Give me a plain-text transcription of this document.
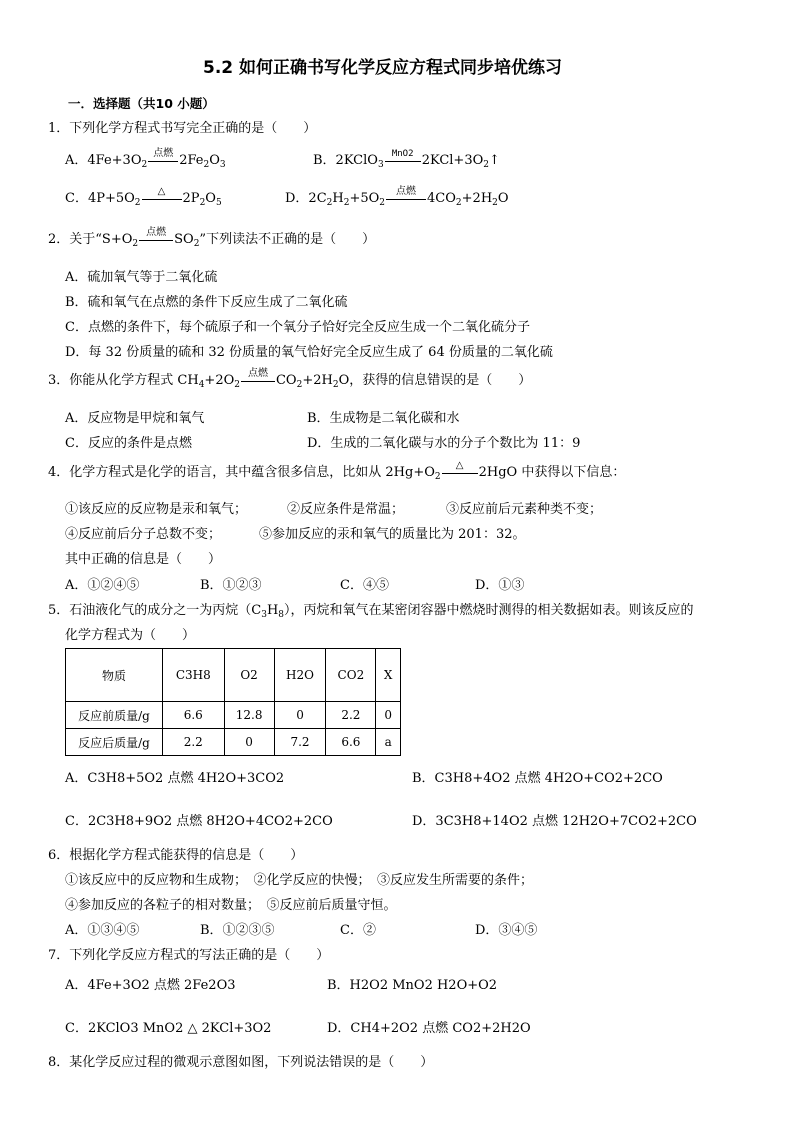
5.2 如何正确书写化学反应方程式同步培优练习
一．选择题（共10 小题）
1．下列化学方程式书写完全正确的是（　　）
A．$4Fe+3O_2$
点燃 $2Fe_2O_3$	B．2KClO$_3$
MnO2 $2KCl+3O_2↑$
C．$4P+5O_2$
△	$2P_2O_5$	D．$2C_2H_2+5O_2$
点燃 $4CO_2+2H_2O$
2．关于“$S+O_2$
点燃 $SO_2$”下列读法不正确的是（　　）
A．硫加氧气等于二氧化硫
B．硫和氧气在点燃的条件下反应生成了二氧化硫
C．点燃的条件下，每个硫原子和一个氧分子恰好完全反应生成一个二氧化硫分子
D．每 32 份质量的硫和 32 份质量的氧气恰好完全反应生成了 64 份质量的二氧化硫
3．你能从化学方程式 $CH_4+2O_2$
点燃 $CO_2+2H_2O$，获得的信息错误的是（　　）
A．反应物是甲烷和氧气	B．生成物是二氧化碳和水
C．反应的条件是点燃	D．生成的二氧化碳与水的分子个数比为 11：9
4．化学方程式是化学的语言，其中蕴含很多信息，比如从 $2Hg+O_2$
△	2HgO 中获得以下信息：
①该反应的反应物是汞和氧气；	②反应条件是常温；	③反应前后元素种类不变；
④反应前后分子总数不变；	⑤参加反应的汞和氧气的质量比为 201：32。
其中正确的信息是（　　）
A．①②④⑤	B．①②③	C．④⑤	D．①③
5．石油液化气的成分之一为丙烷$(C_3H_8)$，丙烷和氧气在某密闭容器中燃烧时测得的相关数据如表。则该反应的
化学方程式为（　　）
物质	C3H8	O2	H2O	CO2	X
反应前质量/g	6.6	12.8	0	2.2	0
反应后质量/g	2.2	0	7.2	6.6	a
A．C3H8+5O2 点燃 4H2O+3CO2	B．C3H8+4O2 点燃 4H2O+CO2+2CO
C．2C3H8+9O2 点燃 8H2O+4CO2+2CO	D．3C3H8+14O2 点燃 12H2O+7CO2+2CO
6．根据化学方程式能获得的信息是（　　）
①该反应中的反应物和生成物；　②化学反应的快慢；　③反应发生所需要的条件；
④参加反应的各粒子的相对数量；　⑤反应前后质量守恒。
A．①③④⑤	B．①②③⑤	C．②	D．③④⑤
7．下列化学反应方程式的写法正确的是（　　）
A．4Fe+3O2 点燃 2Fe2O3	B．H2O2 MnO2 H2O+O2
C．2KClO3 MnO2 △ 2KCl+3O2	D．CH4+2O2 点燃 CO2+2H2O
8．某化学反应过程的微观示意图如图，下列说法错误的是（　　）
